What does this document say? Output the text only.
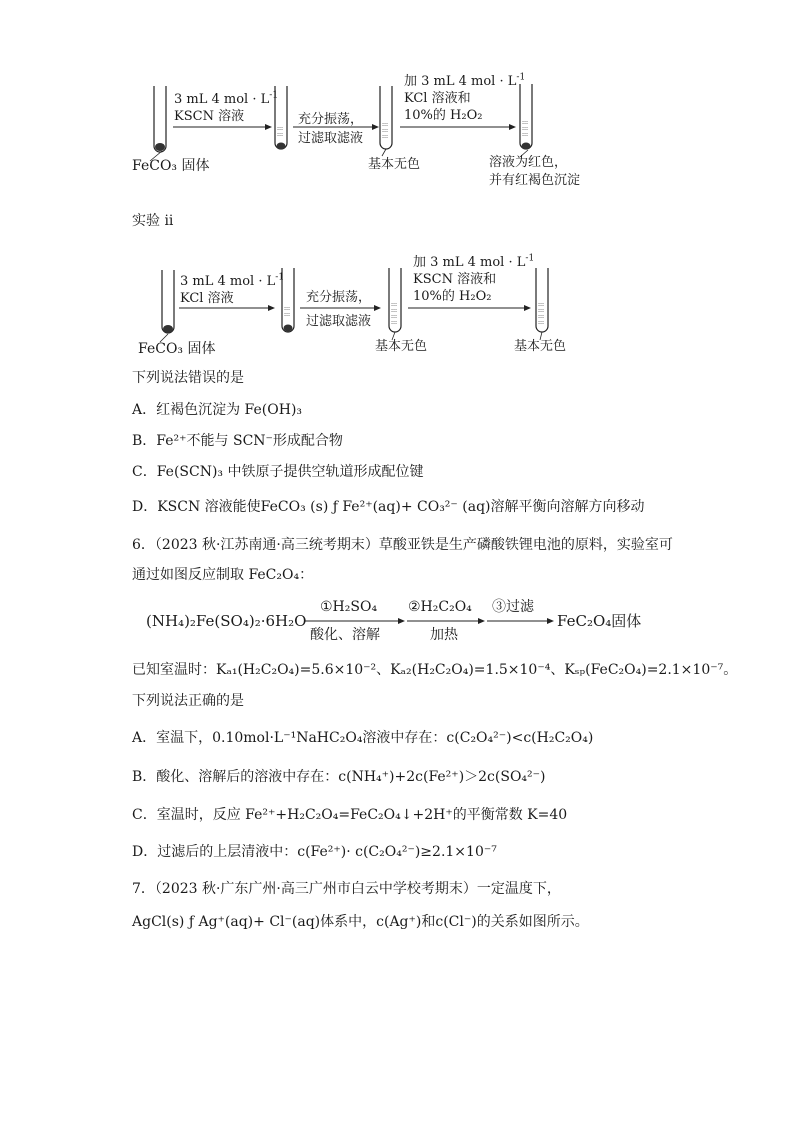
:::
:::
:::
:::
:::
:::
:::
:::
:::
:::
:::
:::
:::
:::
:::
:::
:::
:::
3 mL 4 mol · $L^{-1}$
KSCN 溶液
FeCO₃ 固体
充分振荡，
过滤取滤液
基本无色
加 3 mL 4 mol · $L^{-1}$
KCl 溶液和
10%的 H₂O₂
溶液为红色，
并有红褐色沉淀
实验 ii
3 mL 4 mol · $L^{-1}$
KCl 溶液
FeCO₃ 固体
充分振荡，
过滤取滤液
基本无色
加 3 mL 4 mol · $L^{-1}$
KSCN 溶液和
10%的 H₂O₂
基本无色
下列说法错误的是
A．红褐色沉淀为 Fe(OH)₃
B．Fe²⁺不能与 SCN⁻形成配合物
C．Fe(SCN)₃ 中铁原子提供空轨道形成配位键
D．KSCN 溶液能使FeCO₃ (s) ƒ Fe²⁺(aq)+ CO₃²⁻ (aq)溶解平衡向溶解方向移动
6．（2023 秋·江苏南通·高三统考期末）草酸亚铁是生产磷酸铁锂电池的原料，实验室可
通过如图反应制取 FeC₂O₄：
(NH₄)₂Fe(SO₄)₂·6H₂O
①H₂SO₄
酸化、溶解
②H₂C₂O₄
加热
③过滤
FeC₂O₄固体
已知室温时：Kₐ₁(H₂C₂O₄)=5.6×10⁻²、Kₐ₂(H₂C₂O₄)=1.5×10⁻⁴、Kₛₚ(FeC₂O₄)=2.1×10⁻⁷。
下列说法正确的是
A．室温下，0.10mol·L⁻¹NaHC₂O₄溶液中存在：c(C₂O₄²⁻)<c(H₂C₂O₄)
B．酸化、溶解后的溶液中存在：c(NH₄⁺)+2c(Fe²⁺)＞2c(SO₄²⁻)
C．室温时，反应 Fe²⁺+H₂C₂O₄=FeC₂O₄↓+2H⁺的平衡常数 K=40
D．过滤后的上层清液中：c(Fe²⁺)· c(C₂O₄²⁻)≥2.1×10⁻⁷
7．（2023 秋·广东广州·高三广州市白云中学校考期末）一定温度下，
AgCl(s) ƒ Ag⁺(aq)+ Cl⁻(aq)体系中，c(Ag⁺)和c(Cl⁻)的关系如图所示。
